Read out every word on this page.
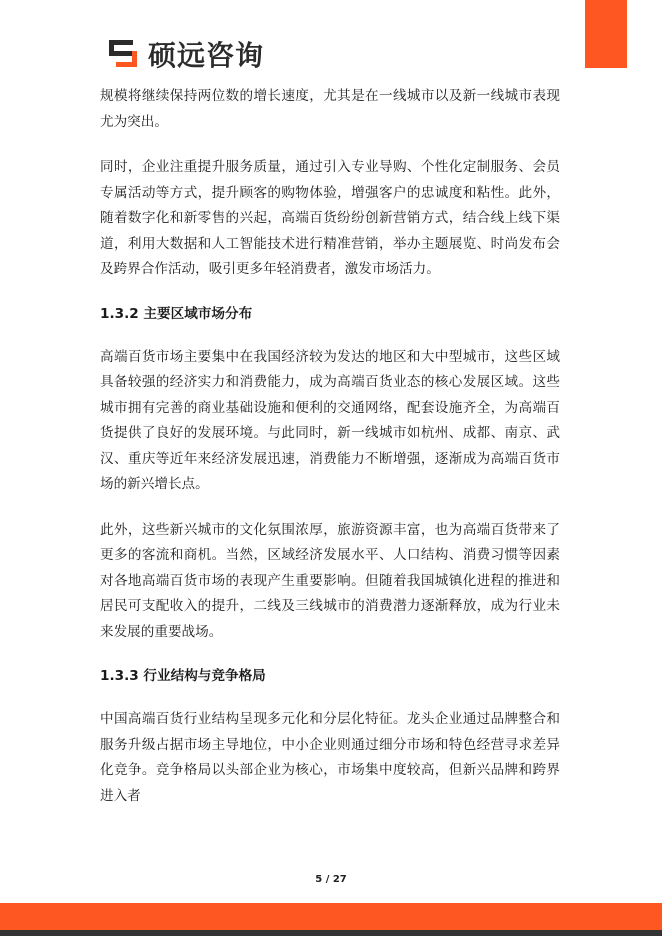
硕远咨询

规模将继续保持两位数的增长速度，尤其是在一线城市以及新一线城市表现尤为突出。

同时，企业注重提升服务质量，通过引入专业导购、个性化定制服务、会员专属活动等方式，提升顾客的购物体验，增强客户的忠诚度和粘性。此外，随着数字化和新零售的兴起，高端百货纷纷创新营销方式，结合线上线下渠道，利用大数据和人工智能技术进行精准营销，举办主题展览、时尚发布会及跨界合作活动，吸引更多年轻消费者，激发市场活力。

1.3.2 主要区域市场分布

高端百货市场主要集中在我国经济较为发达的地区和大中型城市，这些区域具备较强的经济实力和消费能力，成为高端百货业态的核心发展区域。这些城市拥有完善的商业基础设施和便利的交通网络，配套设施齐全，为高端百货提供了良好的发展环境。与此同时，新一线城市如杭州、成都、南京、武汉、重庆等近年来经济发展迅速，消费能力不断增强，逐渐成为高端百货市场的新兴增长点。

此外，这些新兴城市的文化氛围浓厚，旅游资源丰富，也为高端百货带来了更多的客流和商机。当然，区域经济发展水平、人口结构、消费习惯等因素对各地高端百货市场的表现产生重要影响。但随着我国城镇化进程的推进和居民可支配收入的提升，二线及三线城市的消费潜力逐渐释放，成为行业未来发展的重要战场。

1.3.3 行业结构与竞争格局

中国高端百货行业结构呈现多元化和分层化特征。龙头企业通过品牌整合和服务升级占据市场主导地位，中小企业则通过细分市场和特色经营寻求差异化竞争。竞争格局以头部企业为核心，市场集中度较高，但新兴品牌和跨界进入者

5 / 27
